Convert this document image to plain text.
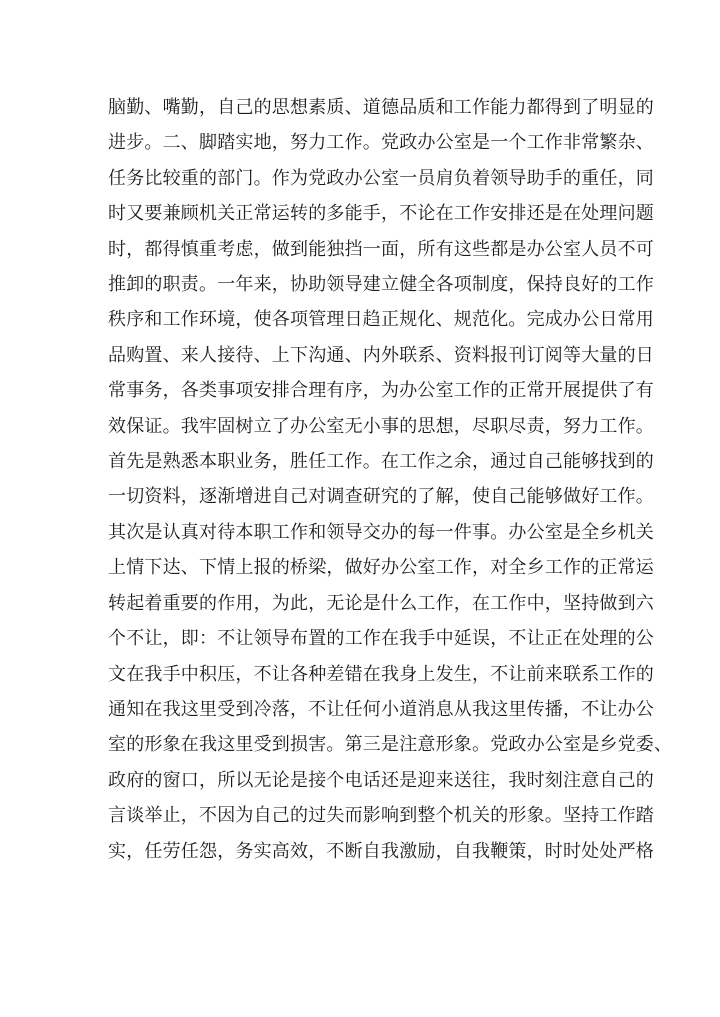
脑勤、嘴勤，自己的思想素质、道德品质和工作能力都得到了明显的
进步。二、脚踏实地，努力工作。党政办公室是一个工作非常繁杂、
任务比较重的部门。作为党政办公室一员肩负着领导助手的重任，同
时又要兼顾机关正常运转的多能手，不论在工作安排还是在处理问题
时，都得慎重考虑，做到能独挡一面，所有这些都是办公室人员不可
推卸的职责。一年来，协助领导建立健全各项制度，保持良好的工作
秩序和工作环境，使各项管理日趋正规化、规范化。完成办公日常用
品购置、来人接待、上下沟通、内外联系、资料报刊订阅等大量的日
常事务，各类事项安排合理有序，为办公室工作的正常开展提供了有
效保证。我牢固树立了办公室无小事的思想，尽职尽责，努力工作。
首先是熟悉本职业务，胜任工作。在工作之余，通过自己能够找到的
一切资料，逐渐增进自己对调查研究的了解，使自己能够做好工作。
其次是认真对待本职工作和领导交办的每一件事。办公室是全乡机关
上情下达、下情上报的桥梁，做好办公室工作，对全乡工作的正常运
转起着重要的作用，为此，无论是什么工作，在工作中，坚持做到六
个不让，即：不让领导布置的工作在我手中延误，不让正在处理的公
文在我手中积压，不让各种差错在我身上发生，不让前来联系工作的
通知在我这里受到冷落，不让任何小道消息从我这里传播，不让办公
室的形象在我这里受到损害。第三是注意形象。党政办公室是乡党委、
政府的窗口，所以无论是接个电话还是迎来送往，我时刻注意自己的
言谈举止，不因为自己的过失而影响到整个机关的形象。坚持工作踏
实，任劳任怨，务实高效，不断自我激励，自我鞭策，时时处处严格
